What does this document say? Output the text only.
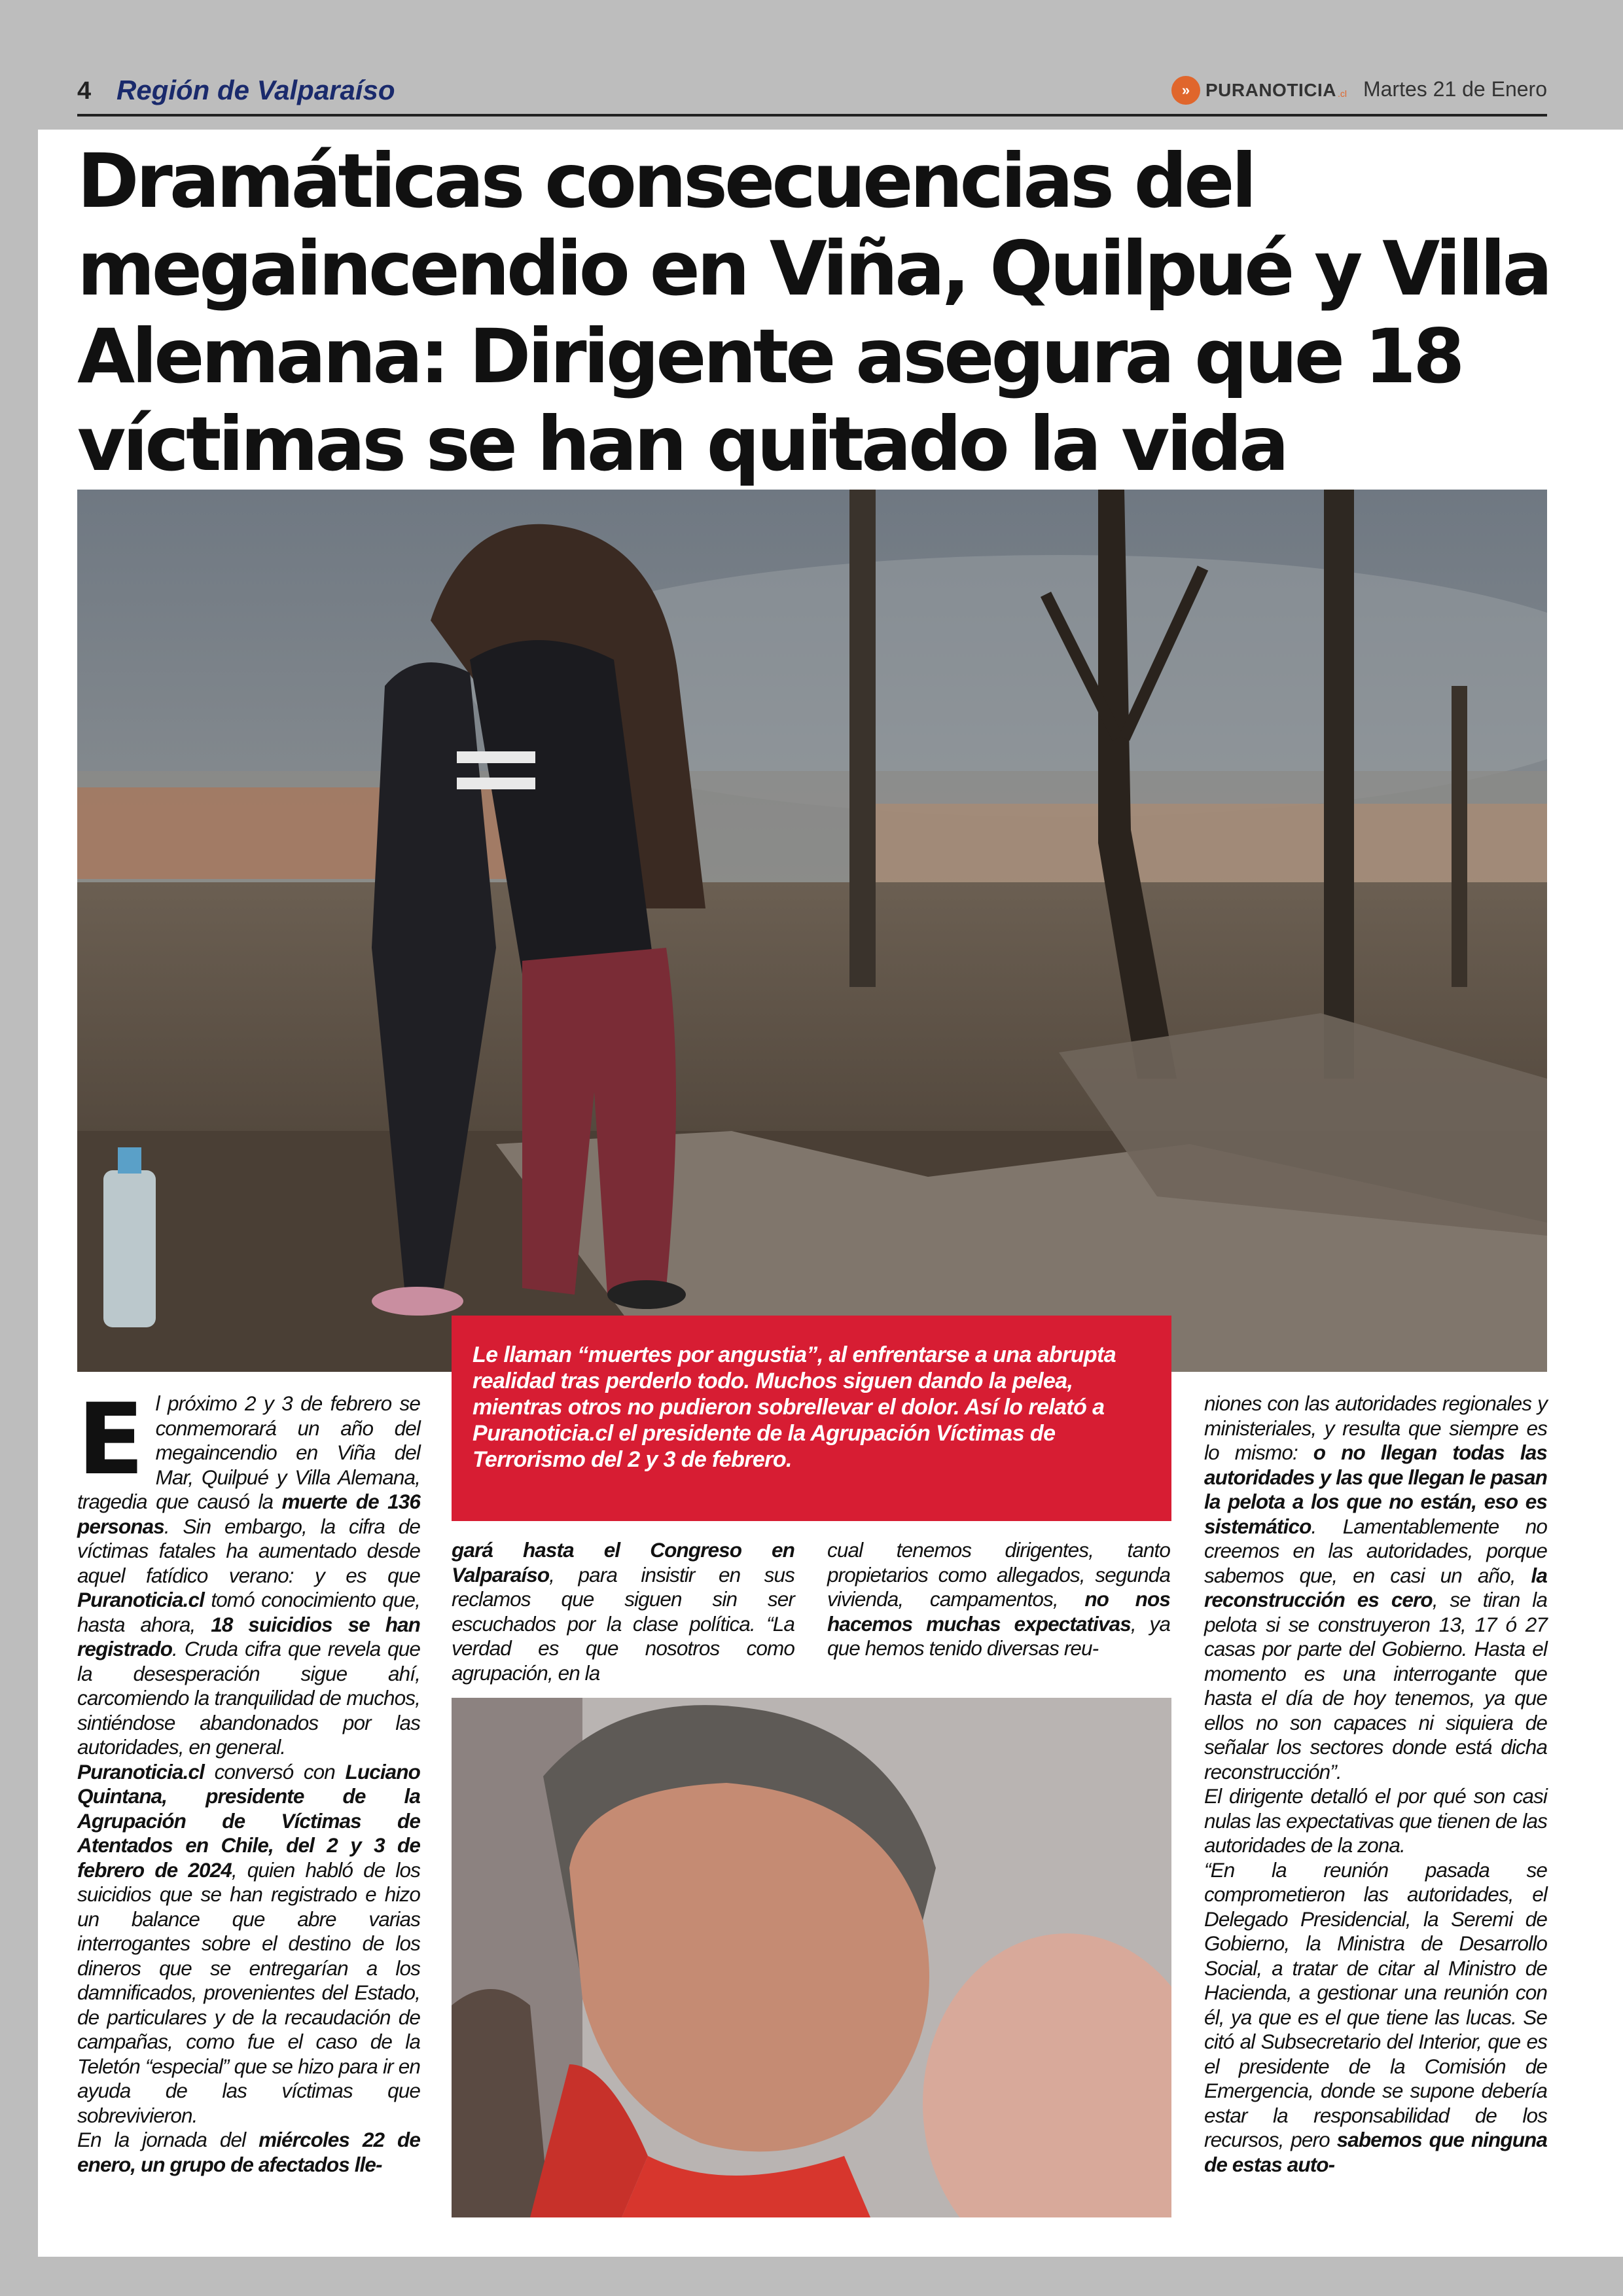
4 Región de Valparaíso	» PURANOTICIA .cl Martes 21 de Enero
Dramáticas consecuencias del megaincendio en Viña, Quilpué y Villa Alemana: Dirigente asegura que 18 víctimas se han quitado la vida
Le llaman “muertes por angustia”, al enfrentarse a una abrupta realidad tras perderlo todo. Muchos siguen dando la pelea, mientras otros no pudieron sobrellevar el dolor. Así lo relató a Puranoticia.cl el presidente de la Agrupación Víctimas de Terrorismo del 2 y 3 de febrero.

El próximo 2 y 3 de febrero se conmemorará un año del megaincendio en Viña del Mar, Quilpué y Villa Alemana, tragedia que causó la muerte de 136 personas. Sin embargo, la cifra de víctimas fatales ha aumentado desde aquel fatídico verano: y es que Puranoticia.cl tomó conocimiento que, hasta ahora, 18 suicidios se han registrado. Cruda cifra que revela que la desesperación sigue ahí, carcomiendo la tranquilidad de muchos, sintiéndose abandonados por las autoridades, en general.

Puranoticia.cl conversó con Luciano Quintana, presidente de la Agrupación de Víctimas de Atentados en Chile, del 2 y 3 de febrero de 2024, quien habló de los suicidios que se han registrado e hizo un balance que abre varias interrogantes sobre el destino de los dineros que se entregarían a los damnificados, provenientes del Estado, de particulares y de la recaudación de campañas, como fue el caso de la Teletón “especial” que se hizo para ir en ayuda de las víctimas que sobrevivieron.

En la jornada del miércoles 22 de enero, un grupo de afectados lle-

gará hasta el Congreso en Valparaíso, para insistir en sus reclamos que siguen sin ser escuchados por la clase política. “La verdad es que nosotros como agrupación, en la

cual tenemos dirigentes, tanto propietarios como allegados, segunda vivienda, campamentos, no nos hacemos muchas expectativas, ya que hemos tenido diversas reu-

niones con las autoridades regionales y ministeriales, y resulta que siempre es lo mismo: o no llegan todas las autoridades y las que llegan le pasan la pelota a los que no están, eso es sistemático. Lamentablemente no creemos en las autoridades, porque sabemos que, en casi un año, la reconstrucción es cero, se tiran la pelota si se construyeron 13, 17 ó 27 casas por parte del Gobierno. Hasta el momento es una interrogante que hasta el día de hoy tenemos, ya que ellos no son capaces ni siquiera de señalar los sectores donde está dicha reconstrucción”.

El dirigente detalló el por qué son casi nulas las expectativas que tienen de las autoridades de la zona.

“En la reunión pasada se comprometieron las autoridades, el Delegado Presidencial, la Seremi de Gobierno, la Ministra de Desarrollo Social, a tratar de citar al Ministro de Hacienda, a gestionar una reunión con él, ya que es el que tiene las lucas. Se citó al Subsecretario del Interior, que es el presidente de la Comisión de Emergencia, donde se supone debería estar la responsabilidad de los recursos, pero sabemos que ninguna de estas auto-
